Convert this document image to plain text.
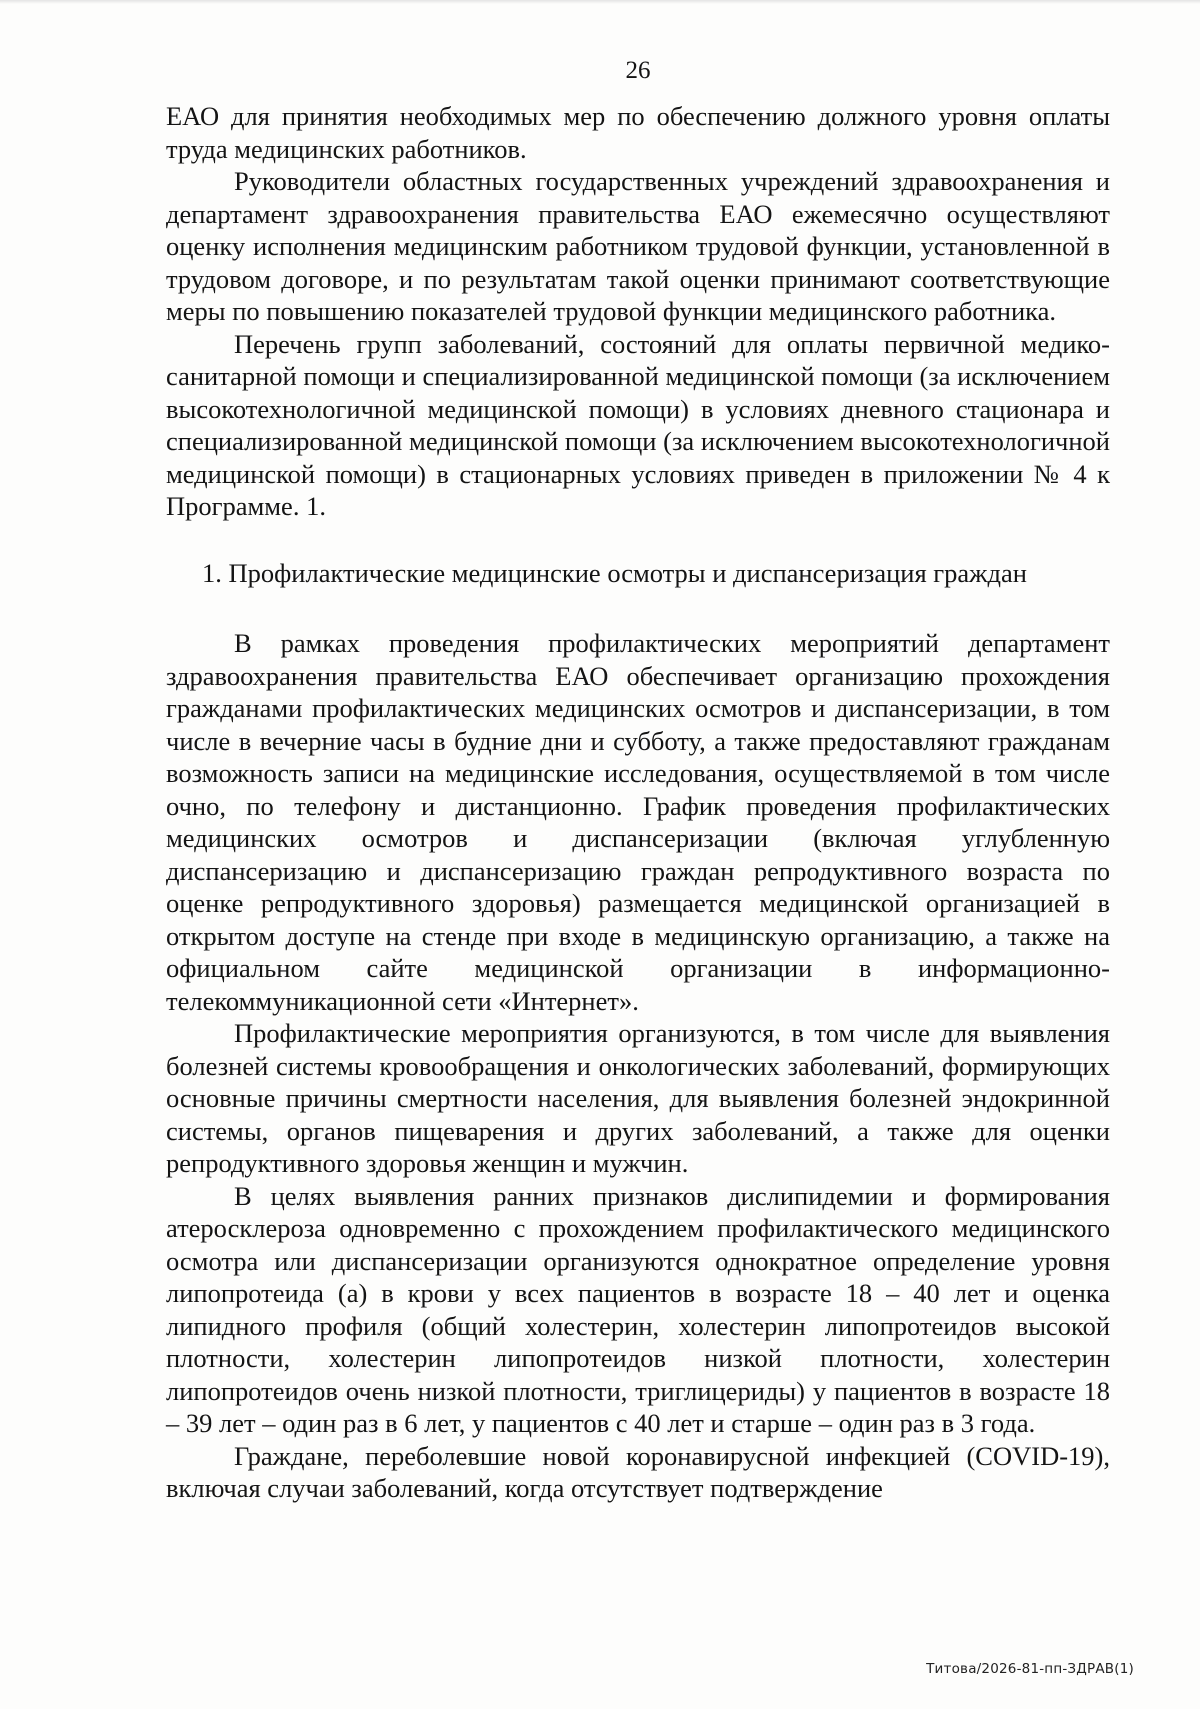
26

ЕАО для принятия необходимых мер по обеспечению должного уровня оплаты труда медицинских работников.

Руководители областных государственных учреждений здравоохранения и департамент здравоохранения правительства ЕАО ежемесячно осуществляют оценку исполнения медицинским работником трудовой функции, установленной в трудовом договоре, и по результатам такой оценки принимают соответствующие меры по повышению показателей трудовой функции медицинского работника.

Перечень групп заболеваний, состояний для оплаты первичной медико-санитарной помощи и специализированной медицинской помощи (за исключением высокотехнологичной медицинской помощи) в условиях дневного стационара и специализированной медицинской помощи (за исключением высокотехнологичной медицинской помощи) в стационарных условиях приведен в приложении № 4 к Программе. 1.

1. Профилактические медицинские осмотры и диспансеризация граждан

В рамках проведения профилактических мероприятий департамент здравоохранения правительства ЕАО обеспечивает организацию прохождения гражданами профилактических медицинских осмотров и диспансеризации, в том числе в вечерние часы в будние дни и субботу, а также предоставляют гражданам возможность записи на медицинские исследования, осуществляемой в том числе очно, по телефону и дистанционно. График проведения профилактических медицинских осмотров и диспансеризации (включая углубленную диспансеризацию и диспансеризацию граждан репродуктивного возраста по оценке репродуктивного здоровья) размещается медицинской организацией в открытом доступе на стенде при входе в медицинскую организацию, а также на официальном сайте медицинской организации в информационно-телекоммуникационной сети «Интернет».

Профилактические мероприятия организуются, в том числе для выявления болезней системы кровообращения и онкологических заболеваний, формирующих основные причины смертности населения, для выявления болезней эндокринной системы, органов пищеварения и других заболеваний, а также для оценки репродуктивного здоровья женщин и мужчин.

В целях выявления ранних признаков дислипидемии и формирования атеросклероза одновременно с прохождением профилактического медицинского осмотра или диспансеризации организуются однократное определение уровня липопротеида (а) в крови у всех пациентов в возрасте 18 – 40 лет и оценка липидного профиля (общий холестерин, холестерин липопротеидов высокой плотности, холестерин липопротеидов низкой плотности, холестерин липопротеидов очень низкой плотности, триглицериды) у пациентов в возрасте 18 – 39 лет – один раз в 6 лет, у пациентов с 40 лет и старше – один раз в 3 года.

Граждане, переболевшие новой коронавирусной инфекцией (COVID-19), включая случаи заболеваний, когда отсутствует подтверждение

Титова/2026-81-пп-ЗДРАВ(1)
